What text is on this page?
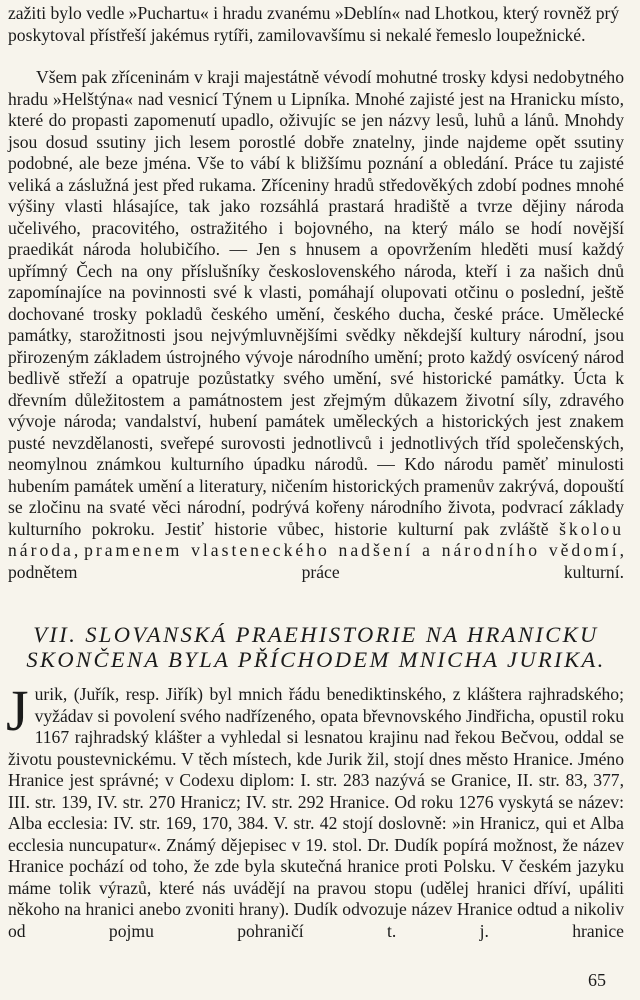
zažiti bylo vedle »Puchartu« i hradu zvanému »Deblín« nad Lhotkou, který rovněž prý poskytoval přístřeší jakémus rytíři, zamilovavšímu si nekalé řemeslo loupežnické.

Všem pak zříceninám v kraji majestátně vévodí mohutné trosky kdysi nedobytného hradu »Helštýna« nad vesnicí Týnem u Lipníka. Mnohé zajisté jest na Hranicku místo, které do propasti zapomenutí upadlo, oživujíc se jen názvy lesů, luhů a lánů. Mnohdy jsou dosud ssutiny jich lesem porostlé dobře znatelny, jinde najdeme opět ssutiny podobné, ale beze jména. Vše to vábí k bližšímu poznání a obledání. Práce tu zajisté veliká a záslužná jest před rukama. Zříceniny hradů středověkých zdobí podnes mnohé výšiny vlasti hlásajíce, tak jako rozsáhlá prastará hradiště a tvrze dějiny národa učelivého, pracovitého, ostražitého i bojovného, na který málo se hodí novější praedikát národa holubičího. — Jen s hnusem a opovržením hleděti musí každý upřímný Čech na ony příslušníky československého národa, kteří i za našich dnů zapomínajíce na povinnosti své k vlasti, pomáhají olupovati otčinu o poslední, ještě dochované trosky pokladů českého umění, českého ducha, české práce. Umělecké památky, starožitnosti jsou nejvýmluvnějšími svědky někdejší kultury národní, jsou přirozeným základem ústrojného vývoje národního umění; proto každý osvícený národ bedlivě střeží a opatruje pozůstatky svého umění, své historické památky. Úcta k dřevním důležitostem a památnostem jest zřejmým důkazem životní síly, zdravého vývoje národa; vandalství, hubení památek uměleckých a historických jest znakem pusté nevzdělanosti, sveřepé surovosti jednotlivců i jednotlivých tříd společenských, neomylnou známkou kulturního úpadku národů. — Kdo národu paměť minulosti hubením památek umění a literatury, ničením historických pramenův zakrývá, dopouští se zločinu na svaté věci národní, podrývá kořeny národního života, podvrací základy kulturního pokroku. Jestiť historie vůbec, historie kulturní pak zvláště školou národa, pramenem vlasteneckého nadšení a národního vědomí, podnětem práce kulturní.

VII. SLOVANSKÁ PRAEHISTORIE NA HRANICKU
SKONČENA BYLA PŘÍCHODEM MNICHA JURIKA.

Jurik, (Juřík, resp. Jiřík) byl mnich řádu benediktinského, z kláštera rajhradského; vyžádav si povolení svého nadřízeného, opata břevnovského Jindřicha, opustil roku 1167 rajhradský klášter a vyhledal si lesnatou krajinu nad řekou Bečvou, oddal se životu poustevnickému. V těch místech, kde Jurik žil, stojí dnes město Hranice. Jméno Hranice jest správné; v Codexu diplom: I. str. 283 nazývá se Granice, II. str. 83, 377, III. str. 139, IV. str. 270 Hranicz; IV. str. 292 Hranice. Od roku 1276 vyskytá se název: Alba ecclesia: IV. str. 169, 170, 384. V. str. 42 stojí doslovně: »in Hranicz, qui et Alba ecclesia nuncupatur«. Známý dějepisec v 19. stol. Dr. Dudík popírá možnost, že název Hranice pochází od toho, že zde byla skutečná hranice proti Polsku. V českém jazyku máme tolik výrazů, které nás uvádějí na pravou stopu (udělej hranici dříví, upáliti někoho na hranici anebo zvoniti hrany). Dudík odvozuje název Hranice odtud a nikoliv od pojmu pohraničí t. j. hranice

65
